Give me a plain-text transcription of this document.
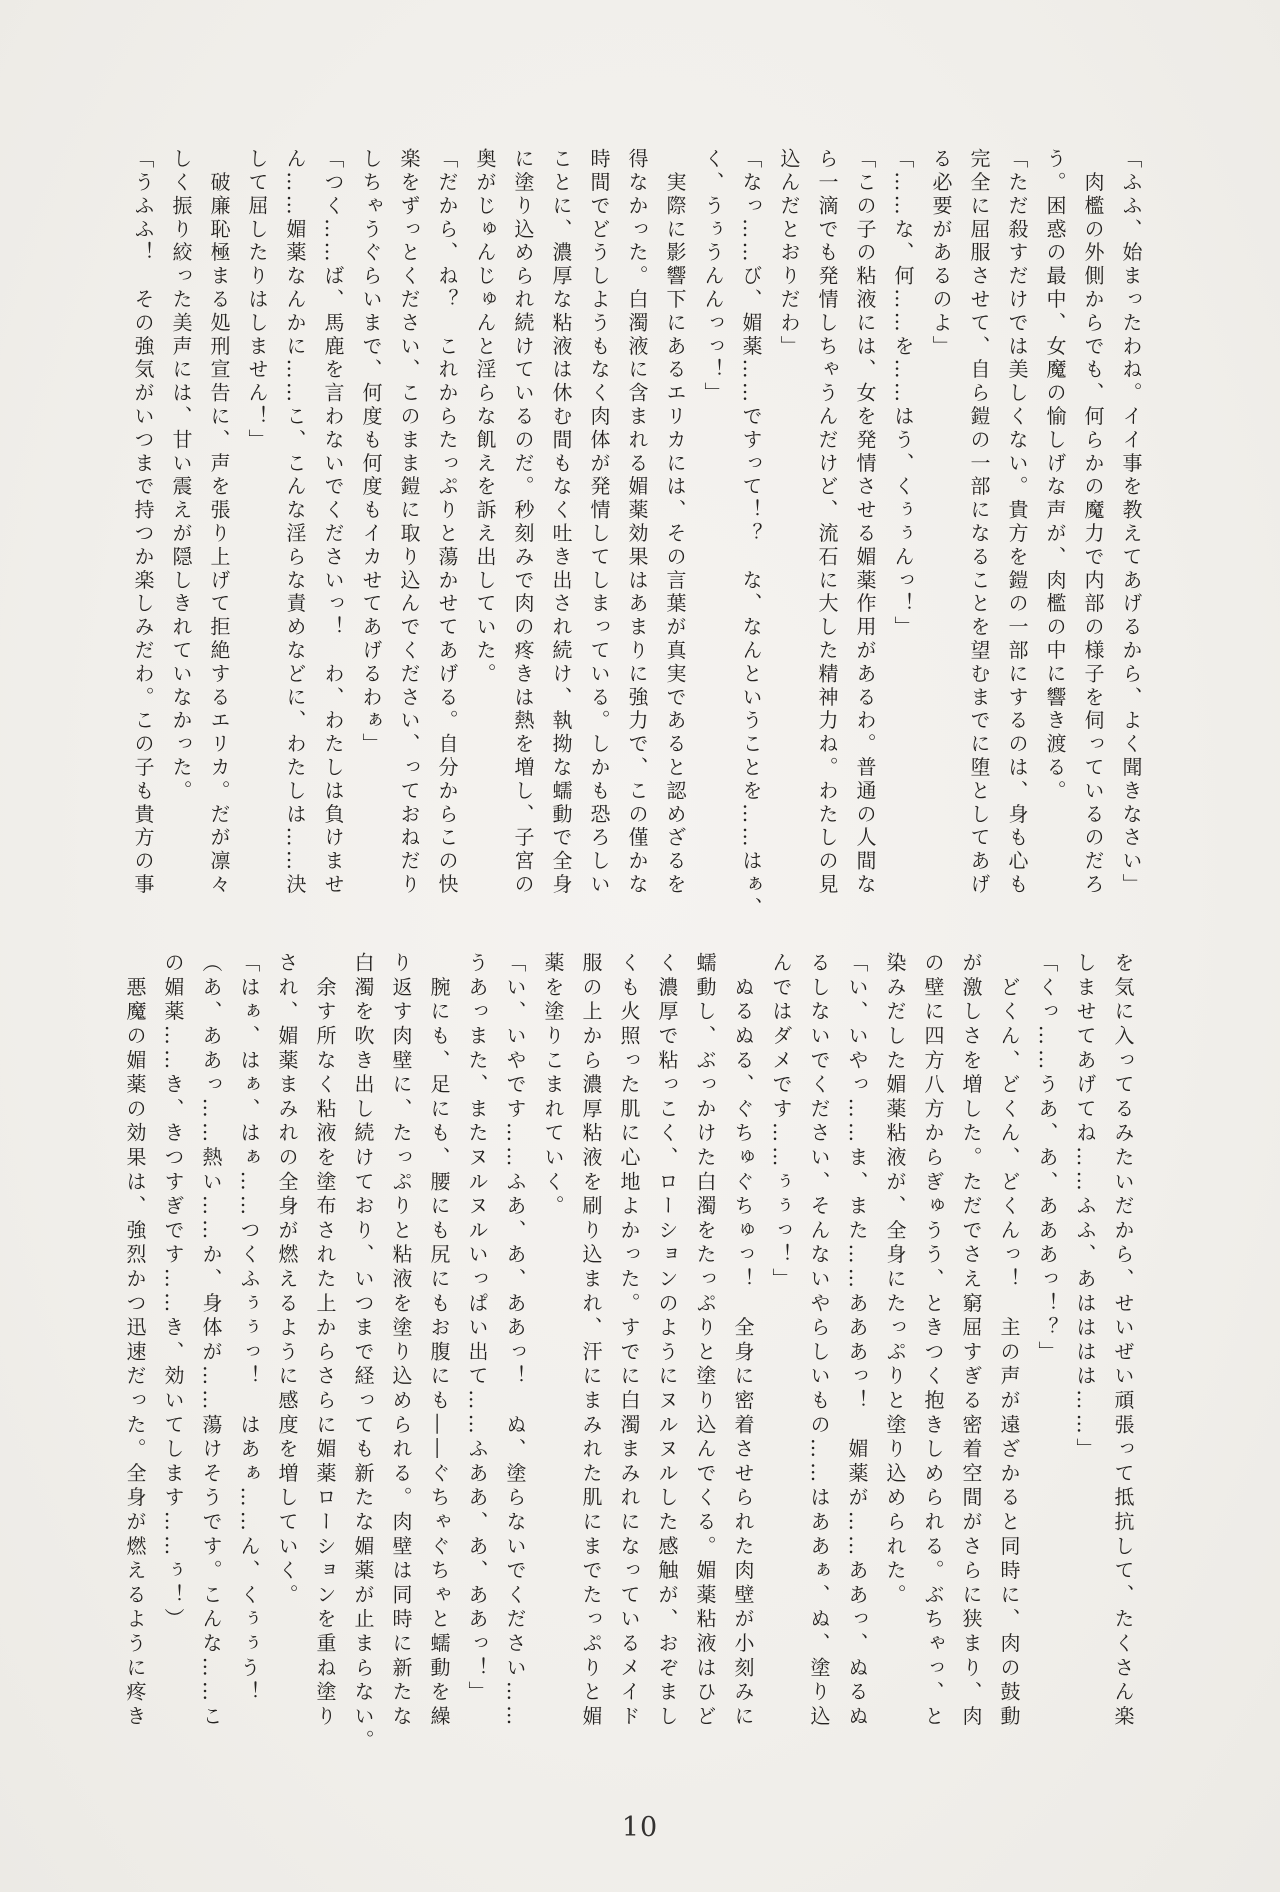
「ふふ、始まったわね。イイ事を教えてあげるから、よく聞きなさい」
　肉檻の外側からでも、何らかの魔力で内部の様子を伺っているのだろ
う。困惑の最中、女魔の愉しげな声が、肉檻の中に響き渡る。
「ただ殺すだけでは美しくない。貴方を鎧の一部にするのは、身も心も
完全に屈服させて、自ら鎧の一部になることを望むまでに堕としてあげ
る必要があるのよ」
「……な、何……を……はう、くぅぅんっ！」
「この子の粘液には、女を発情させる媚薬作用があるわ。普通の人間な
ら一滴でも発情しちゃうんだけど、流石に大した精神力ね。わたしの見
込んだとおりだわ」
「なっ……び、媚薬……ですって！？　な、なんということを……はぁ、
く、うぅうんんっっ！」
　実際に影響下にあるエリカには、その言葉が真実であると認めざるを
得なかった。白濁液に含まれる媚薬効果はあまりに強力で、この僅かな
時間でどうしようもなく肉体が発情してしまっている。しかも恐ろしい
ことに、濃厚な粘液は休む間もなく吐き出され続け、執拗な蠕動で全身
に塗り込められ続けているのだ。秒刻みで肉の疼きは熱を増し、子宮の
奥がじゅんじゅんと淫らな飢えを訴え出していた。
「だから、ね？　これからたっぷりと蕩かせてあげる。自分からこの快
楽をずっとください、このまま鎧に取り込んでください、っておねだり
しちゃうぐらいまで、何度も何度もイカせてあげるわぁ」
「つく……ば、馬鹿を言わないでくださいっ！　わ、わたしは負けませ
ん……媚薬なんかに……こ、こんな淫らな責めなどに、わたしは……決
して屈したりはしません！」
　破廉恥極まる処刑宣告に、声を張り上げて拒絶するエリカ。だが凛々
しく振り絞った美声には、甘い震えが隠しきれていなかった。
「うふふ！　その強気がいつまで持つか楽しみだわ。この子も貴方の事
を気に入ってるみたいだから、せいぜい頑張って抵抗して、たくさん楽
しませてあげてね……ふふ、あはははは……」
「くっ……うあ、あ、あああっ！？」
　どくん、どくん、どくんっ！　主の声が遠ざかると同時に、肉の鼓動
が激しさを増した。ただでさえ窮屈すぎる密着空間がさらに狭まり、肉
の壁に四方八方からぎゅうう、ときつく抱きしめられる。ぶちゃっ、と
染みだした媚薬粘液が、全身にたっぷりと塗り込められた。
「い、いやっ……ま、また……あああっ！　媚薬が……ああっ、ぬるぬ
るしないでください、そんないやらしいもの……はああぁ、ぬ、塗り込
んではダメです……ぅぅっ！」
　ぬるぬる、ぐちゅぐちゅっ！　全身に密着させられた肉壁が小刻みに
蠕動し、ぶっかけた白濁をたっぷりと塗り込んでくる。媚薬粘液はひど
く濃厚で粘っこく、ローションのようにヌルヌルした感触が、おぞまし
くも火照った肌に心地よかった。すでに白濁まみれになっているメイド
服の上から濃厚粘液を刷り込まれ、汗にまみれた肌にまでたっぷりと媚
薬を塗りこまれていく。
「い、いやです……ふあ、あ、ああっ！　ぬ、塗らないでください……
うあっまた、またヌルヌルいっぱい出て……ふああ、あ、ああっ！」
　腕にも、足にも、腰にも尻にもお腹にも――ぐちゃぐちゃと蠕動を繰
り返す肉壁に、たっぷりと粘液を塗り込められる。肉壁は同時に新たな
白濁を吹き出し続けており、いつまで経っても新たな媚薬が止まらない。
　余す所なく粘液を塗布された上からさらに媚薬ローションを重ね塗り
され、媚薬まみれの全身が燃えるように感度を増していく。
「はぁ、はぁ、はぁ……つくふぅぅっ！　はあぁ……ん、くぅぅう！
（あ、ああっ……熱い……か、身体が……蕩けそうです。こんな……こ
の媚薬……き、きつすぎです……き、効いてします……ぅ！）
　悪魔の媚薬の効果は、強烈かつ迅速だった。全身が燃えるように疼き
10
